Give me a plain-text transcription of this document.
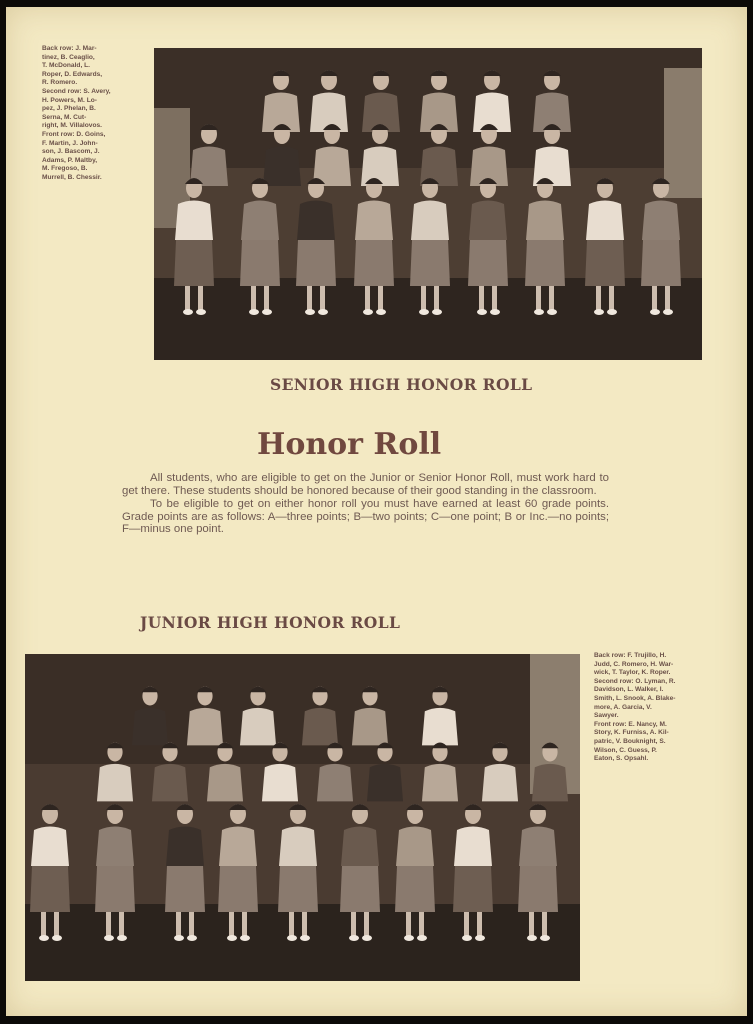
Back row: J. Mar-
tinez, B. Ceaglio,
T. McDonald, L.
Roper, D. Edwards,
R. Romero.
Second row: S. Avery,
H. Powers, M. Lo-
pez, J. Phelan, B.
Serna, M. Cut-
right, M. Villalovos.
Front row: D. Goins,
F. Martin, J. John-
son, J. Bascom, J.
Adams, P. Maltby,
M. Fregoso, B.
Murrell, B. Chessir.
SENIOR HIGH HONOR ROLL
Honor Roll

All students, who are eligible to get on the Junior or Senior Honor Roll, must work hard to get there. These students should be honored because of their good standing in the classroom.

To be eligible to get on either honor roll you must have earned at least 60 grade points. Grade points are as follows: A—three points; B—two points; C—one point; B or Inc.—no points; F—minus one point.

JUNIOR HIGH HONOR ROLL
Back row: F. Trujillo, H.
Judd, C. Romero, H. War-
wick, T. Taylor, K. Roper.
Second row: O. Lyman, R.
Davidson, L. Walker, I.
Smith, L. Snook, A. Blake-
more, A. Garcia, V.
Sawyer.
Front row: E. Nancy, M.
Story, K. Furniss, A. Kil-
patric, V. Bouknight, S.
Wilson, C. Guess, P.
Eaton, S. Opsahl.
